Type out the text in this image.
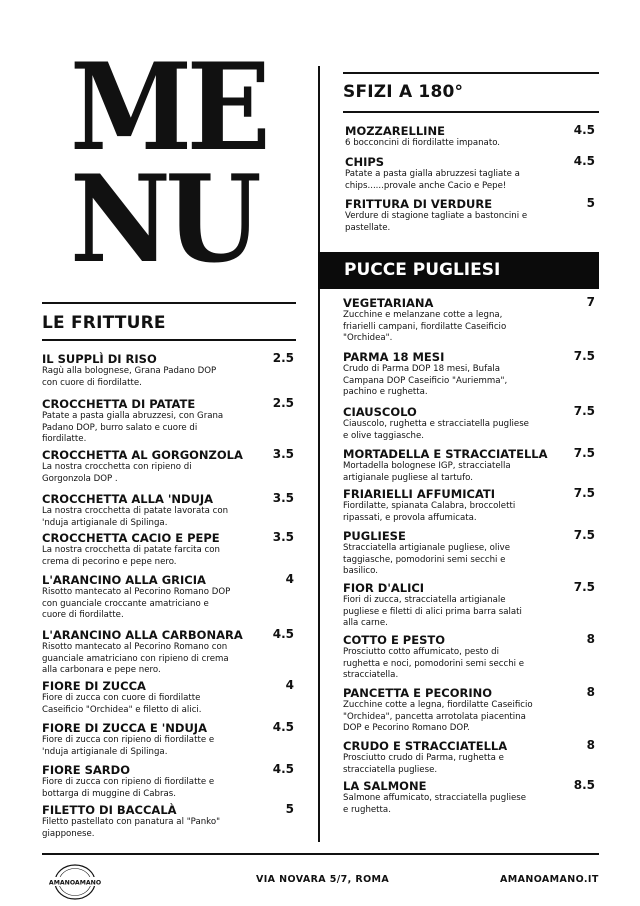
ME
NU
LE FRITTURE
SFIZI A 180°
PUCCE PUGLIESI
IL SUPPLÌ DI RISO	2.5
Ragù alla bolognese, Grana Padano DOP
con cuore di fiordilatte.
CROCCHETTA DI PATATE	2.5
Patate a pasta gialla abruzzesi, con Grana
Padano DOP, burro salato e cuore di
fiordilatte.
CROCCHETTA AL GORGONZOLA	3.5
La nostra crocchetta con ripieno di
Gorgonzola DOP .
CROCCHETTA ALLA 'NDUJA	3.5
La nostra crocchetta di patate lavorata con
'nduja artigianale di Spilinga.
CROCCHETTA CACIO E PEPE	3.5
La nostra crocchetta di patate farcita con
crema di pecorino e pepe nero.
L'ARANCINO ALLA GRICIA	4
Risotto mantecato al Pecorino Romano DOP
con guanciale croccante amatriciano e
cuore di fiordilatte.
L'ARANCINO ALLA CARBONARA	4.5
Risotto mantecato al Pecorino Romano con
guanciale amatriciano con ripieno di crema
alla carbonara e pepe nero.
FIORE DI ZUCCA	4
Fiore di zucca con cuore di fiordilatte
Caseificio "Orchidea" e filetto di alici.
FIORE DI ZUCCA E 'NDUJA	4.5
Fiore di zucca con ripieno di fiordilatte e
'nduja artigianale di Spilinga.
FIORE SARDO	4.5
Fiore di zucca con ripieno di fiordilatte e
bottarga di muggine di Cabras.
FILETTO DI BACCALÀ	5
Filetto pastellato con panatura al "Panko"
giapponese.
MOZZARELLINE	4.5
6 bocconcini di fiordilatte impanato.
CHIPS	4.5
Patate a pasta gialla abruzzesi tagliate a
chips......provale anche Cacio e Pepe!
FRITTURA DI VERDURE	5
Verdure di stagione tagliate a bastoncini e
pastellate.
VEGETARIANA	7
Zucchine e melanzane cotte a legna,
friarielli campani, fiordilatte Caseificio
"Orchidea".
PARMA 18 MESI	7.5
Crudo di Parma DOP 18 mesi, Bufala
Campana DOP Caseificio "Auriemma",
pachino e rughetta.
CIAUSCOLO	7.5
Ciauscolo, rughetta e stracciatella pugliese
e olive taggiasche.
MORTADELLA E STRACCIATELLA	7.5
Mortadella bolognese IGP, stracciatella
artigianale pugliese al tartufo.
FRIARIELLI AFFUMICATI	7.5
Fiordilatte, spianata Calabra, broccoletti
ripassati, e provola affumicata.
PUGLIESE	7.5
Stracciatella artigianale pugliese, olive
taggiasche, pomodorini semi secchi e
basilico.
FIOR D'ALICI	7.5
Fiori di zucca, stracciatella artigianale
pugliese e filetti di alici prima barra salati
alla carne.
COTTO E PESTO	8
Prosciutto cotto affumicato, pesto di
rughetta e noci, pomodorini semi secchi e
stracciatella.
PANCETTA E PECORINO	8
Zucchine cotte a legna, fiordilatte Caseificio
"Orchidea", pancetta arrotolata piacentina
DOP e Pecorino Romano DOP.
CRUDO E STRACCIATELLA	8
Prosciutto crudo di Parma, rughetta e
stracciatella pugliese.
LA SALMONE	8.5
Salmone affumicato, stracciatella pugliese
e rughetta.
AMANOAMANO	VIA NOVARA 5/7, ROMA	AMANOAMANO.IT
